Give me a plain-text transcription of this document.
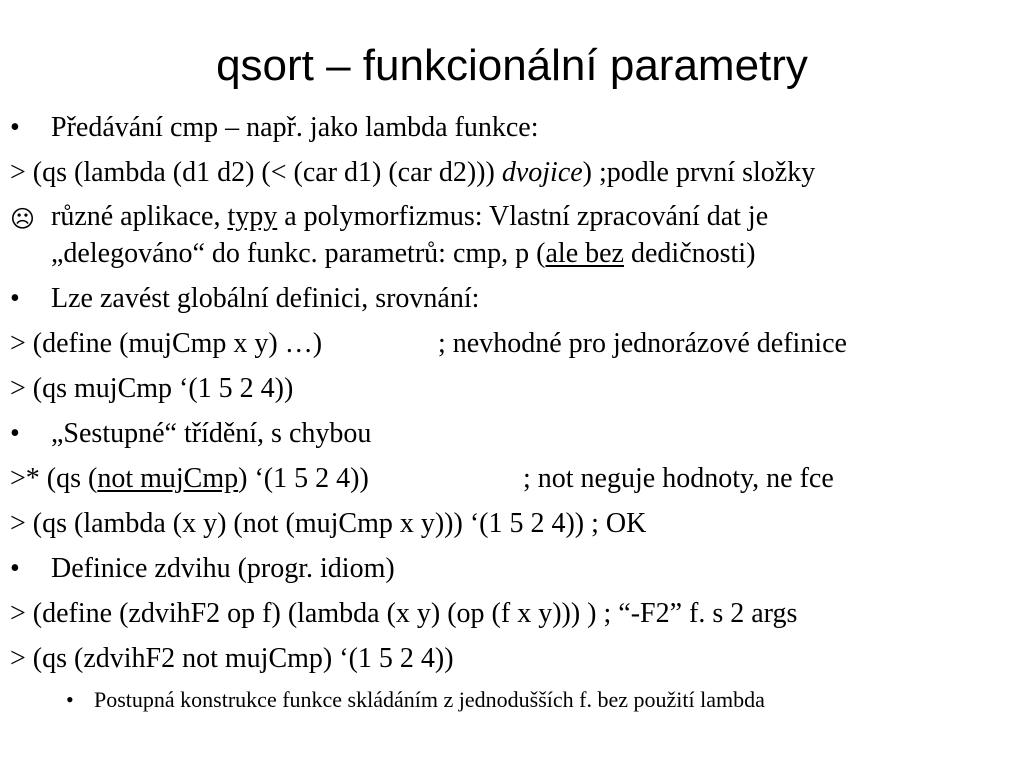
qsort – funkcionální parametry
• Předávání cmp – např. jako lambda funkce:
> (qs (lambda (d1 d2) (< (car d1) (car d2))) dvojice) ;podle první složky
☹ různé aplikace, typy a polymorfizmus: Vlastní zpracování dat je
„delegováno“ do funkc. parametrů: cmp, p (ale bez dedičnosti)
• Lze zavést globální definici, srovnání:
> (define (mujCmp x y) …)	; nevhodné pro jednorázové definice
> (qs mujCmp ‘(1 5 2 4))
• „Sestupné“ třídění, s chybou
>* (qs (not mujCmp) ‘(1 5 2 4))	; not neguje hodnoty, ne fce
> (qs (lambda (x y) (not (mujCmp x y))) ‘(1 5 2 4)) ; OK
• Definice zdvihu (progr. idiom)
> (define (zdvihF2 op f) (lambda (x y) (op (f x y))) ) ; “-F2” f. s 2 args
> (qs (zdvihF2 not mujCmp) ‘(1 5 2 4))
• Postupná konstrukce funkce skládáním z jednodušších f. bez použití lambda
